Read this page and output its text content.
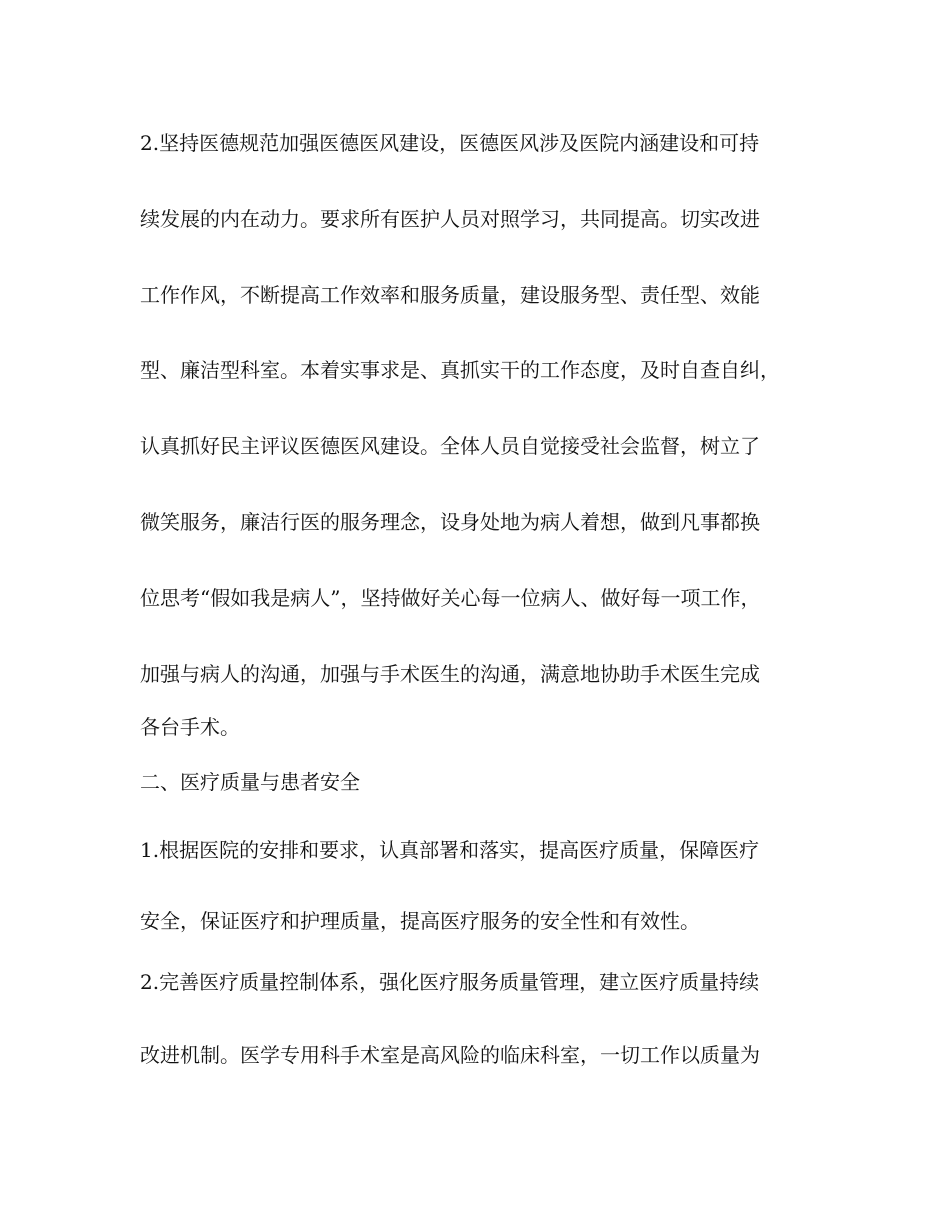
2.坚持医德规范加强医德医风建设，医德医风涉及医院内涵建设和可持
续发展的内在动力。要求所有医护人员对照学习，共同提高。切实改进
工作作风，不断提高工作效率和服务质量，建设服务型、责任型、效能
型、廉洁型科室。本着实事求是、真抓实干的工作态度，及时自查自纠，
认真抓好民主评议医德医风建设。全体人员自觉接受社会监督，树立了
微笑服务，廉洁行医的服务理念，设身处地为病人着想，做到凡事都换
位思考“假如我是病人”，坚持做好关心每一位病人、做好每一项工作，
加强与病人的沟通，加强与手术医生的沟通，满意地协助手术医生完成
各台手术。
二、医疗质量与患者安全
1.根据医院的安排和要求，认真部署和落实，提高医疗质量，保障医疗
安全，保证医疗和护理质量，提高医疗服务的安全性和有效性。
2.完善医疗质量控制体系，强化医疗服务质量管理，建立医疗质量持续
改进机制。医学专用科手术室是高风险的临床科室，一切工作以质量为
